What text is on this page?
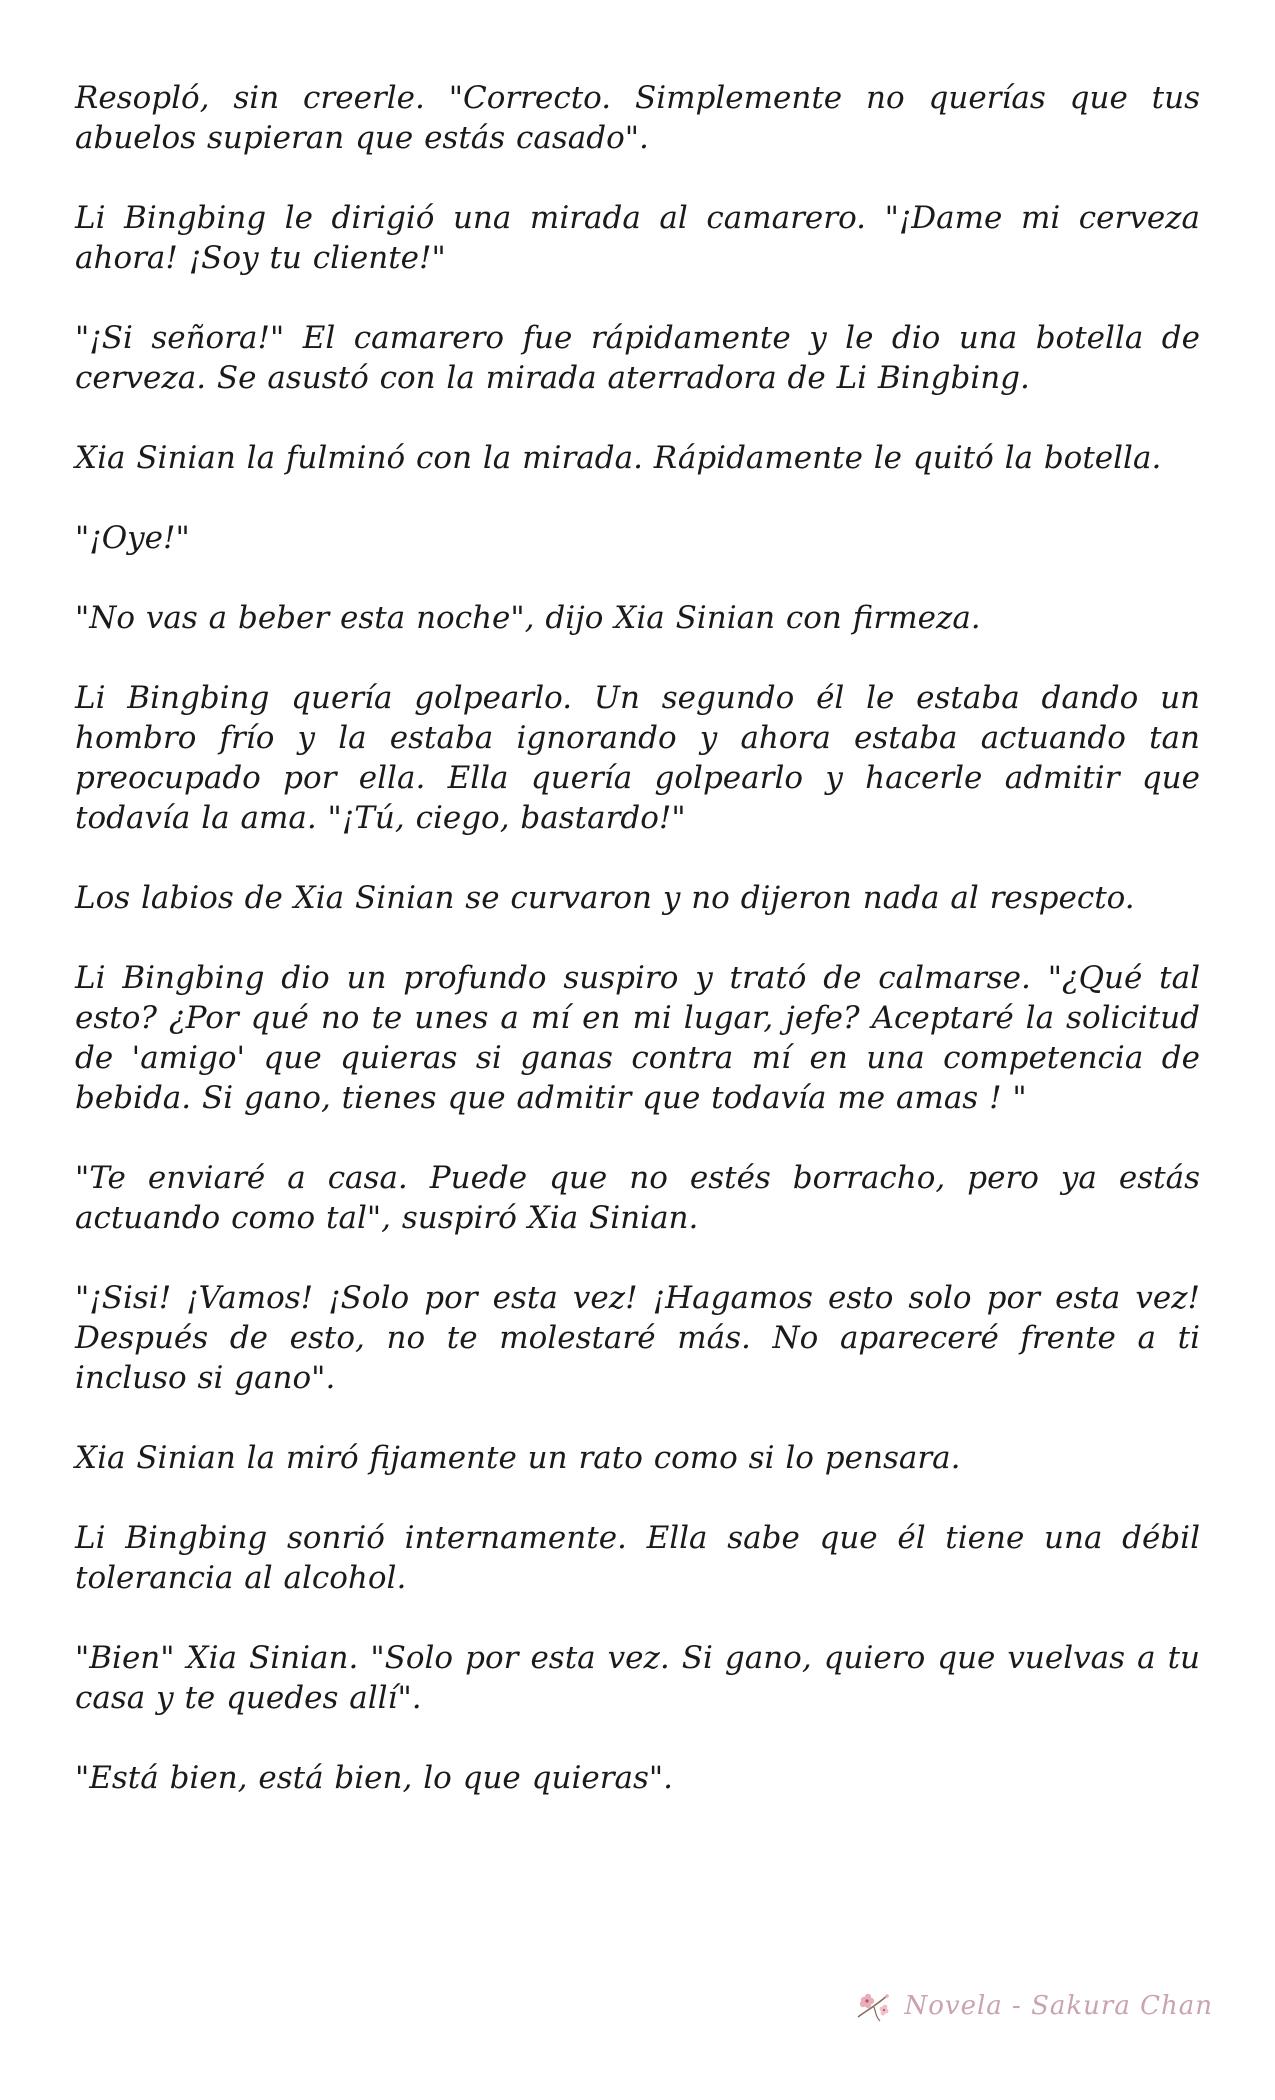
Resopló, sin creerle. "Correcto. Simplemente no querías que tus abuelos supieran que estás casado".

Li Bingbing le dirigió una mirada al camarero. "¡Dame mi cerveza ahora! ¡Soy tu cliente!"

"¡Si señora!" El camarero fue rápidamente y le dio una botella de cerveza. Se asustó con la mirada aterradora de Li Bingbing.

Xia Sinian la fulminó con la mirada. Rápidamente le quitó la botella.

"¡Oye!"

"No vas a beber esta noche", dijo Xia Sinian con firmeza.

Li Bingbing quería golpearlo. Un segundo él le estaba dando un hombro frío y la estaba ignorando y ahora estaba actuando tan preocupado por ella. Ella quería golpearlo y hacerle admitir que todavía la ama. "¡Tú, ciego, bastardo!"

Los labios de Xia Sinian se curvaron y no dijeron nada al respecto.

Li Bingbing dio un profundo suspiro y trató de calmarse. "¿Qué tal esto? ¿Por qué no te unes a mí en mi lugar, jefe? Aceptaré la solicitud de 'amigo' que quieras si ganas contra mí en una competencia de bebida. Si gano, tienes que admitir que todavía me amas ! "

"Te enviaré a casa. Puede que no estés borracho, pero ya estás actuando como tal", suspiró Xia Sinian.

"¡Sisi! ¡Vamos! ¡Solo por esta vez! ¡Hagamos esto solo por esta vez! Después de esto, no te molestaré más. No apareceré frente a ti incluso si gano".

Xia Sinian la miró fijamente un rato como si lo pensara.

Li Bingbing sonrió internamente. Ella sabe que él tiene una débil tolerancia al alcohol.

"Bien" Xia Sinian. "Solo por esta vez. Si gano, quiero que vuelvas a tu casa y te quedes allí".

"Está bien, está bien, lo que quieras".

Novela - Sakura Chan
